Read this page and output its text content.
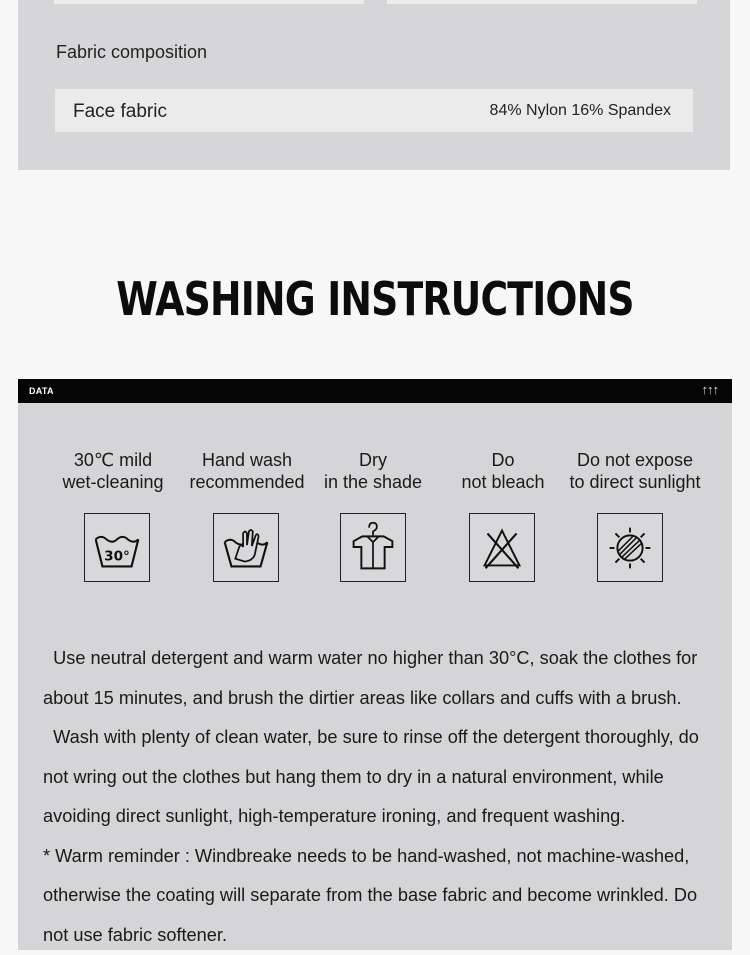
Fabric composition
Face fabric	84% Nylon 16% Spandex
WASHING INSTRUCTIONS
DATA	↑↑↑
30℃ mild
wet-cleaning
Hand wash
recommended
Dry
in the shade
Do
not bleach
Do not expose
to direct sunlight
30°

Use neutral detergent and warm water no higher than 30°C, soak the clothes for about 15 minutes, and brush the dirtier areas like collars and cuffs with a brush.

Wash with plenty of clean water, be sure to rinse off the detergent thoroughly, do not wring out the clothes but hang them to dry in a natural environment, while avoiding direct sunlight, high-temperature ironing, and frequent washing.

* Warm reminder : Windbreake needs to be hand-washed, not machine-washed, otherwise the coating will separate from the base fabric and become wrinkled. Do not use fabric softener.
